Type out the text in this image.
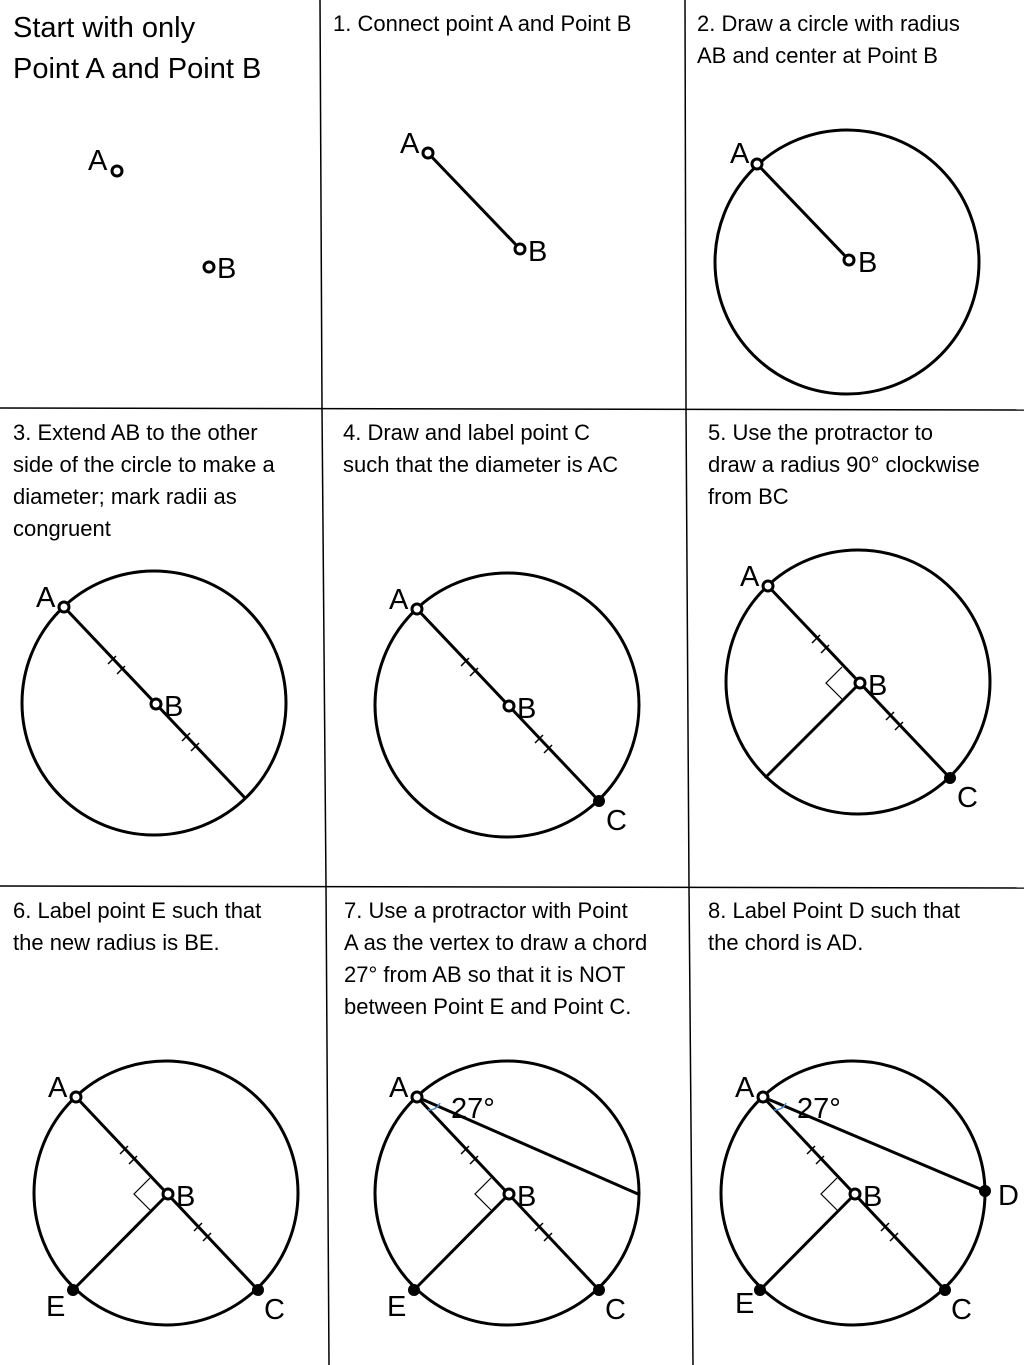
A
B
A
B
A
B
A
B
A
B
C
A
B
C
A
B
C
E
A
B
C
E
27°
A
B
C
E
D
27°

Start with only
Point A and Point B

1. Connect point A and Point B	2. Draw a circle with radius
AB and center at Point B

3. Extend AB to the other
side of the circle to make a
diameter; mark radii as
congruent

4. Draw and label point C
such that the diameter is AC

5. Use the protractor to
draw a radius 90° clockwise
from BC

6. Label point E such that
the new radius is BE.

7. Use a protractor with Point
A as the vertex to draw a chord
27° from AB so that it is NOT
between Point E and Point C.

8. Label Point D such that
the chord is AD.
